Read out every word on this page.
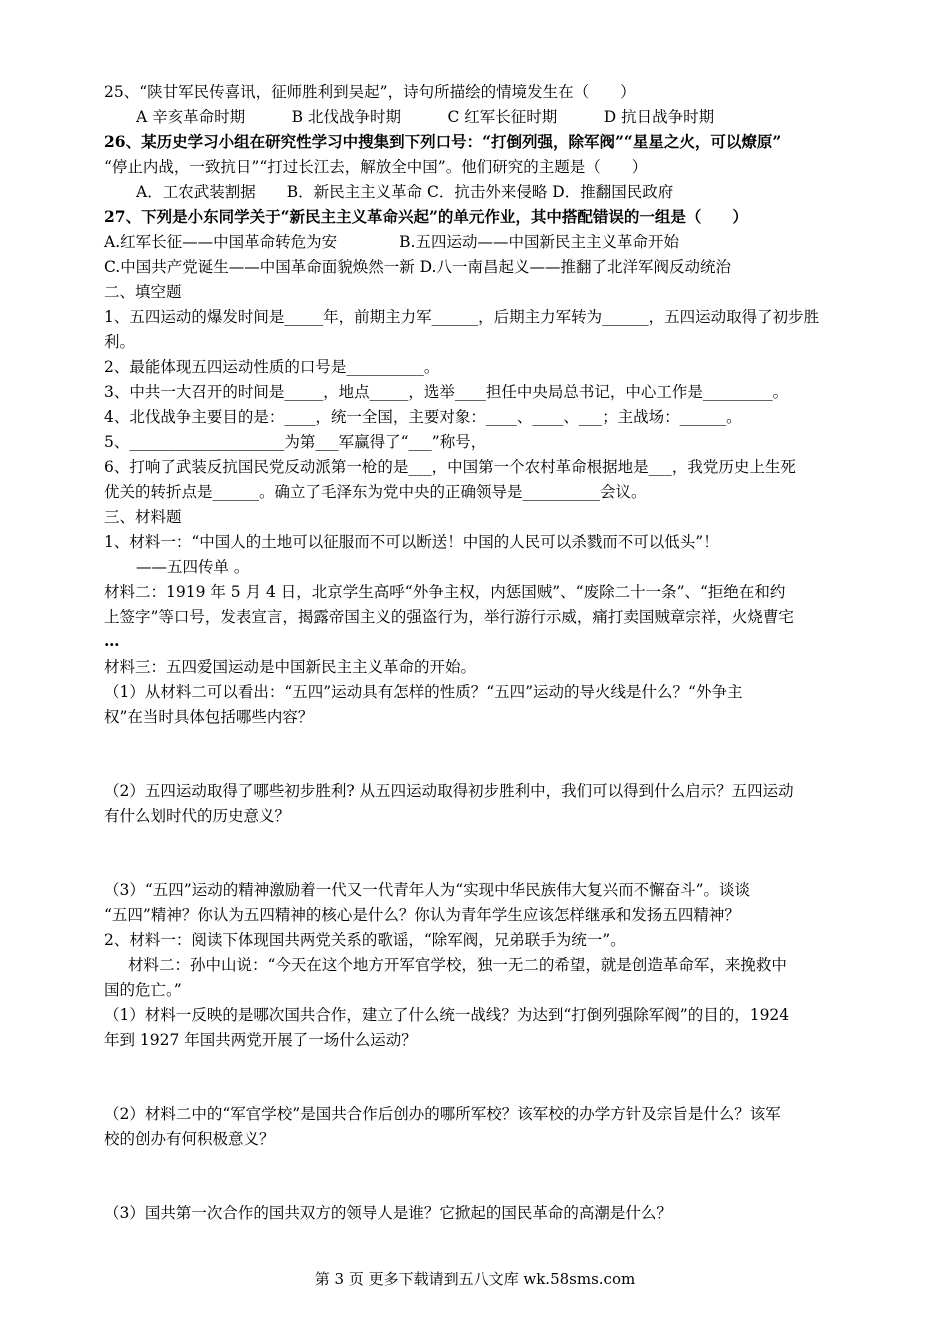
25、“陕甘军民传喜讯，征师胜利到吴起”，诗句所描绘的情境发生在（　　）
A 辛亥革命时期　　　B 北伐战争时期　　　C 红军长征时期　　　D 抗日战争时期
26、某历史学习小组在研究性学习中搜集到下列口号：“打倒列强，除军阀”“星星之火，可以燎原”
“停止内战，一致抗日”“打过长江去，解放全中国”。他们研究的主题是（　　）
A．工农武装割据　　B．新民主主义革命 C．抗击外来侵略 D．推翻国民政府
27、下列是小东同学关于“新民主主义革命兴起”的单元作业，其中搭配错误的一组是（　　）
A.红军长征——中国革命转危为安　　　　B.五四运动——中国新民主主义革命开始
C.中国共产党诞生——中国革命面貌焕然一新 D.八一南昌起义——推翻了北洋军阀反动统治
二、填空题
1、五四运动的爆发时间是_____年，前期主力军______，后期主力军转为______，五四运动取得了初步胜
利。
2、最能体现五四运动性质的口号是__________。
3、中共一大召开的时间是_____，地点_____，选举____担任中央局总书记，中心工作是_________。
4、北伐战争主要目的是：____，统一全国，主要对象：____、____、___；主战场：______。
5、____________________为第___军赢得了“___”称号，
6、打响了武装反抗国民党反动派第一枪的是___，中国第一个农村革命根据地是___，我党历史上生死
优关的转折点是______。确立了毛泽东为党中央的正确领导是__________会议。
三、材料题
1、材料一：“中国人的土地可以征服而不可以断送！中国的人民可以杀戮而不可以低头”！
——五四传单 。
材料二：1919 年 5 月 4 日，北京学生高呼“外争主权，内惩国贼”、“废除二十一条”、“拒绝在和约
上签字”等口号，发表宣言，揭露帝国主义的强盗行为，举行游行示威，痛打卖国贼章宗祥，火烧曹宅
…
材料三：五四爱国运动是中国新民主主义革命的开始。
（1）从材料二可以看出：“五四”运动具有怎样的性质？“五四”运动的导火线是什么？“外争主
权”在当时具体包括哪些内容？
（2）五四运动取得了哪些初步胜利? 从五四运动取得初步胜利中，我们可以得到什么启示？五四运动
有什么划时代的历史意义？
（3）“五四”运动的精神激励着一代又一代青年人为“实现中华民族伟大复兴而不懈奋斗”。谈谈
“五四”精神？你认为五四精神的核心是什么？你认为青年学生应该怎样继承和发扬五四精神？
2、材料一：阅读下体现国共两党关系的歌谣，“除军阀，兄弟联手为统一”。
材料二：孙中山说：“今天在这个地方开军官学校，独一无二的希望，就是创造革命军，来挽救中
国的危亡。”
（1）材料一反映的是哪次国共合作，建立了什么统一战线？为达到“打倒列强除军阀”的目的，1924
年到 1927 年国共两党开展了一场什么运动？
（2）材料二中的“军官学校”是国共合作后创办的哪所军校？该军校的办学方针及宗旨是什么？该军
校的创办有何积极意义？
（3）国共第一次合作的国共双方的领导人是谁？它掀起的国民革命的高潮是什么？
第 3 页 更多下载请到五八文库 wk.58sms.com
